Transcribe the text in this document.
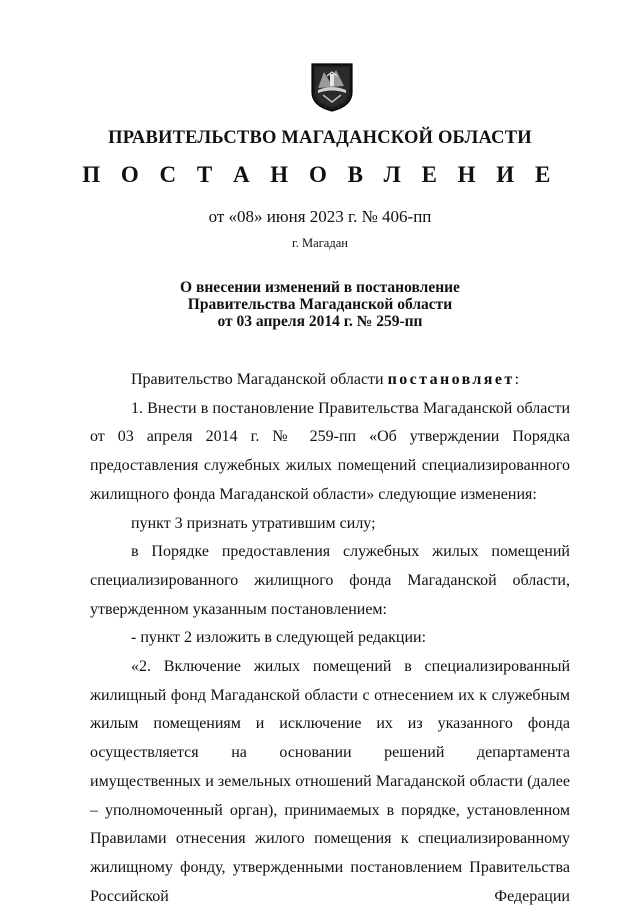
ПРАВИТЕЛЬСТВО МАГАДАНСКОЙ ОБЛАСТИ
П О С Т А Н О В Л Е Н И Е
от «08» июня 2023 г. № 406-пп
г. Магадан
О внесении изменений в постановление
Правительства Магаданской области
от 03 апреля 2014 г. № 259-пп

Правительство Магаданской области постановляет:

1. Внести в постановление Правительства Магаданской области от 03 апреля 2014 г. № 259-пп «Об утверждении Порядка предоставления служебных жилых помещений специализированного жилищного фонда Магаданской области» следующие изменения:

пункт 3 признать утратившим силу;

в Порядке предоставления служебных жилых помещений специализированного жилищного фонда Магаданской области, утвержденном указанным постановлением:

- пункт 2 изложить в следующей редакции:

«2. Включение жилых помещений в специализированный жилищный фонд Магаданской области с отнесением их к служебным жилым помещениям и исключение их из указанного фонда осуществляется на основании решений департамента имущественных и земельных отношений Магаданской области (далее – уполномоченный орган), принимаемых в порядке, установленном Правилами отнесения жилого помещения к специализированному жилищному фонду, утвержденными постановлением Правительства Российской Федерации
